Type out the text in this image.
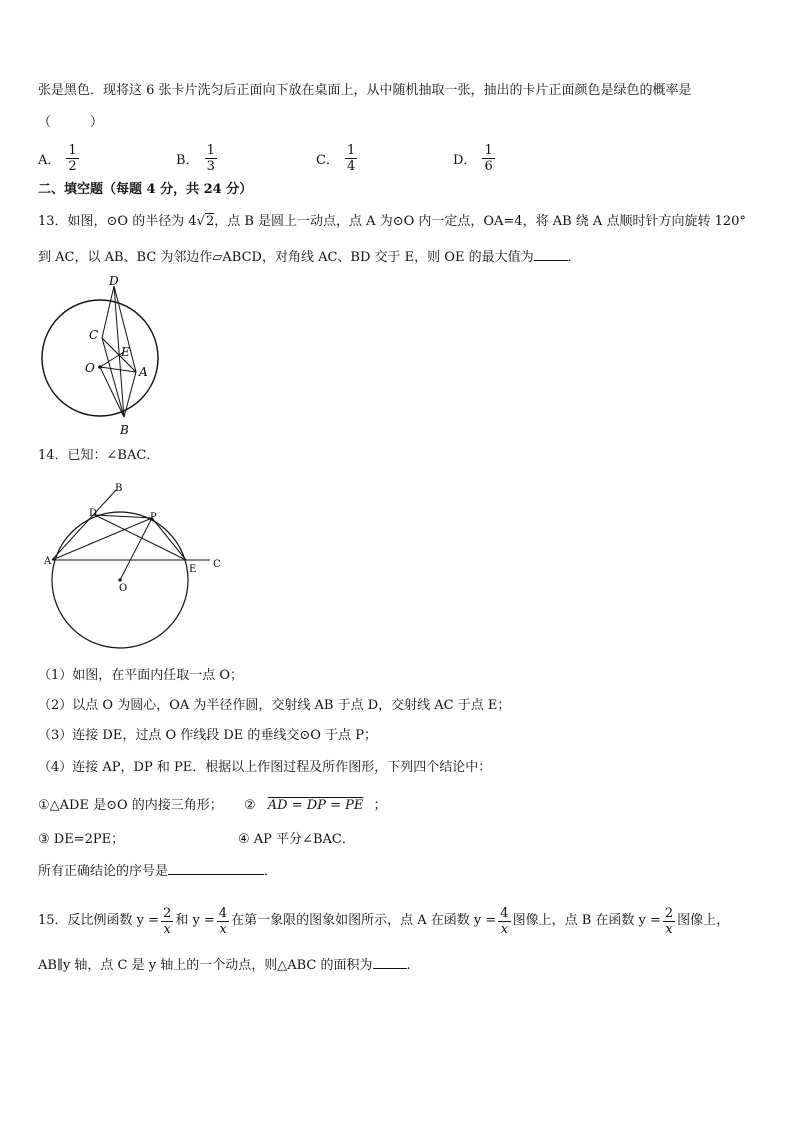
张是黑色．现将这 6 张卡片洗匀后正面向下放在桌面上，从中随机抽取一张，抽出的卡片正面颜色是绿色的概率是
（　　　）
A． $\frac{1}{2}$	B． $\frac{1}{3}$	C． $\frac{1}{4}$	D． $\frac{1}{6}$
二、填空题（每题 4 分，共 24 分）
13．如图，⊙O 的半径为 4√2，点 B 是圆上一动点，点 A 为⊙O 内一定点，OA=4，将 AB 绕 A 点顺时针方向旋转 120°
到 AC，以 AB、BC 为邻边作▱ABCD，对角线 AC、BD 交于 E，则 OE 的最大值为	．
D
C
E
O	A
B
14．已知：∠BAC．
B
D	P
A
E C
O
（1）如图，在平面内任取一点 O；
（2）以点 O 为圆心，OA 为半径作圆，交射线 AB 于点 D，交射线 AC 于点 E；
（3）连接 DE，过点 O 作线段 DE 的垂线交⊙O 于点 P；
（4）连接 AP，DP 和 PE．根据以上作图过程及所作图形，下列四个结论中：
①△ADE 是⊙O 的内接三角形； ② AD = DP = PE ；
③ DE=2PE；	④ AP 平分∠BAC．
所有正确结论的序号是	．
15．反比例函数 $y = \frac{2}{x}$ 和 $y = \frac{4}{x}$ 在第一象限的图象如图所示，点 A 在函数 $y = \frac{4}{x}$ 图像上，点 B 在函数 $y = \frac{2}{x}$ 图像上，
AB∥y 轴，点 C 是 y 轴上的一个动点，则△ABC 的面积为	.
